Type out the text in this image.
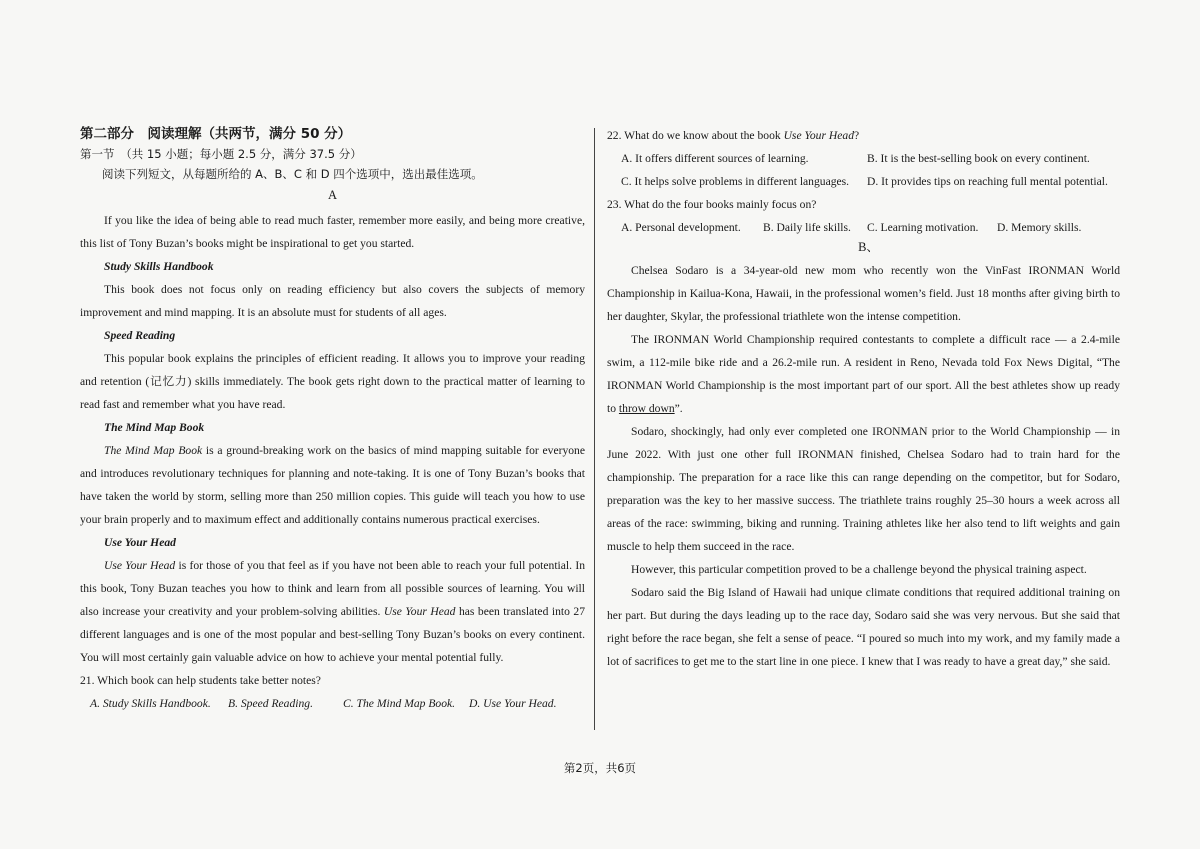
第二部分　阅读理解（共两节，满分 50 分）
第一节　（共 15 小题；每小题 2.5 分，满分 37.5 分）
阅读下列短文，从每题所给的 A、B、C 和 D 四个选项中，选出最佳选项。
A

If you like the idea of being able to read much faster, remember more easily, and being more creative, this list of Tony Buzan’s books might be inspirational to get you started.

Study Skills Handbook

This book does not focus only on reading efficiency but also covers the subjects of memory improvement and mind mapping. It is an absolute must for students of all ages.

Speed Reading

This popular book explains the principles of efficient reading. It allows you to improve your reading and retention (记忆力) skills immediately. The book gets right down to the practical matter of learning to read fast and remember what you have read.

The Mind Map Book

The Mind Map Book is a ground-breaking work on the basics of mind mapping suitable for everyone and introduces revolutionary techniques for planning and note-taking. It is one of Tony Buzan’s books that have taken the world by storm, selling more than 250 million copies. This guide will teach you how to use your brain properly and to maximum effect and additionally contains numerous practical exercises.

Use Your Head

Use Your Head is for those of you that feel as if you have not been able to reach your full potential. In this book, Tony Buzan teaches you how to think and learn from all possible sources of learning. You will also increase your creativity and your problem-solving abilities. Use Your Head has been translated into 27 different languages and is one of the most popular and best-selling Tony Buzan’s books on every continent. You will most certainly gain valuable advice on how to achieve your mental potential fully.

21. Which book can help students take better notes?
A. Study Skills Handbook.	B. Speed Reading.	C. The Mind Map Book.	D. Use Your Head.
22. What do we know about the book Use Your Head?
A. It offers different sources of learning.	B. It is the best-selling book on every continent.
C. It helps solve problems in different languages.	D. It provides tips on reaching full mental potential.
23. What do the four books mainly focus on?
A. Personal development.	B. Daily life skills.	C. Learning motivation.	D. Memory skills.
B、

Chelsea Sodaro is a 34-year-old new mom who recently won the VinFast IRONMAN World Championship in Kailua-Kona, Hawaii, in the professional women’s field. Just 18 months after giving birth to her daughter, Skylar, the professional triathlete won the intense competition.

The IRONMAN World Championship required contestants to complete a difficult race — a 2.4-mile swim, a 112-mile bike ride and a 26.2-mile run. A resident in Reno, Nevada told Fox News Digital, “The IRONMAN World Championship is the most important part of our sport. All the best athletes show up ready to throw down”.

Sodaro, shockingly, had only ever completed one IRONMAN prior to the World Championship — in June 2022. With just one other full IRONMAN finished, Chelsea Sodaro had to train hard for the championship. The preparation for a race like this can range depending on the competitor, but for Sodaro, preparation was the key to her massive success. The triathlete trains roughly 25–30 hours a week across all areas of the race: swimming, biking and running. Training athletes like her also tend to lift weights and gain muscle to help them succeed in the race.

However, this particular competition proved to be a challenge beyond the physical training aspect.

Sodaro said the Big Island of Hawaii had unique climate conditions that required additional training on her part. But during the days leading up to the race day, Sodaro said she was very nervous. But she said that right before the race began, she felt a sense of peace. “I poured so much into my work, and my family made a lot of sacrifices to get me to the start line in one piece. I knew that I was ready to have a great day,” she said.

第2页，共6页
